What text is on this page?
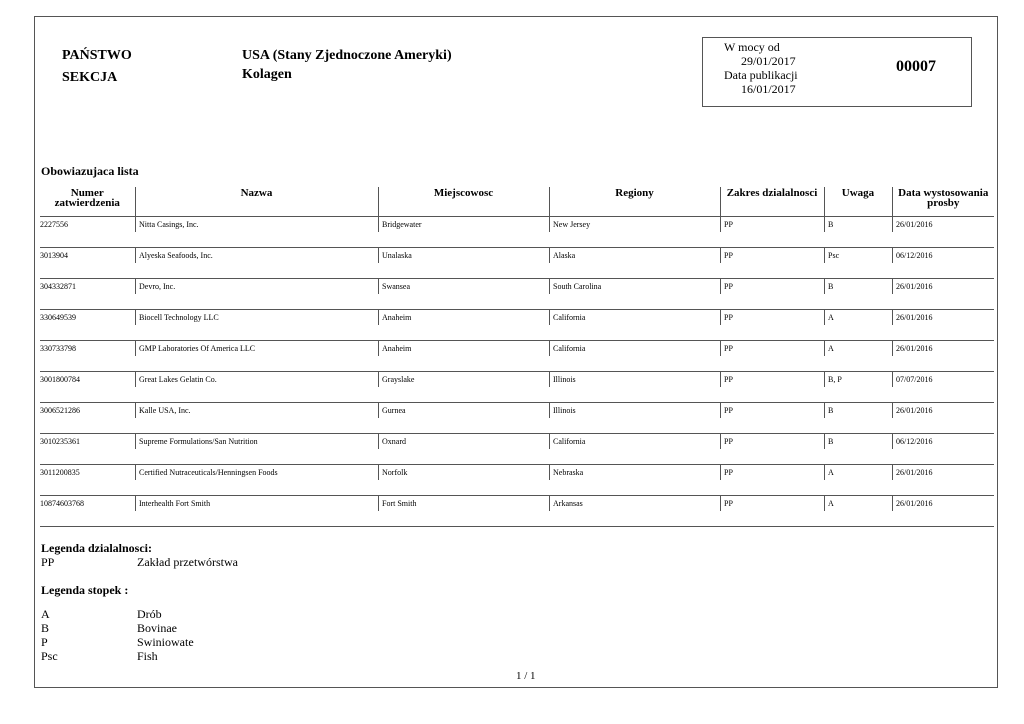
PAŃSTWO
SEKCJA
USA (Stany Zjednoczone Ameryki)
Kolagen
W mocy od
29/01/2017
Data publikacji
16/01/2017
00007
Obowiazujaca lista
Numer zatwierdzenia	Nazwa	Miejscowosc	Regiony	Zakres dzialalnosci	Uwaga	Data wystosowania prosby
2227556	Nitta Casings, Inc.	Bridgewater	New Jersey	PP	B	26/01/2016

3013904	Alyeska Seafoods, Inc.	Unalaska	Alaska	PP	Psc	06/12/2016

304332871	Devro, Inc.	Swansea	South Carolina	PP	B	26/01/2016

330649539	Biocell Technology LLC	Anaheim	California	PP	A	26/01/2016

330733798	GMP Laboratories Of America LLC	Anaheim	California	PP	A	26/01/2016

3001800784	Great Lakes Gelatin Co.	Grayslake	Illinois	PP	B, P	07/07/2016

3006521286	Kalle USA, Inc.	Gurnea	Illinois	PP	B	26/01/2016

3010235361	Supreme Formulations/San Nutrition	Oxnard	California	PP	B	06/12/2016

3011200835	Certified Nutraceuticals/Henningsen Foods	Norfolk	Nebraska	PP	A	26/01/2016

10874603768	Interhealth Fort Smith	Fort Smith	Arkansas	PP	A	26/01/2016
Legenda dzialalnosci:
PP	Zakład przetwórstwa
Legenda stopek :
A	Drób
B	Bovinae
P	Swiniowate
Psc	Fish
1 / 1
